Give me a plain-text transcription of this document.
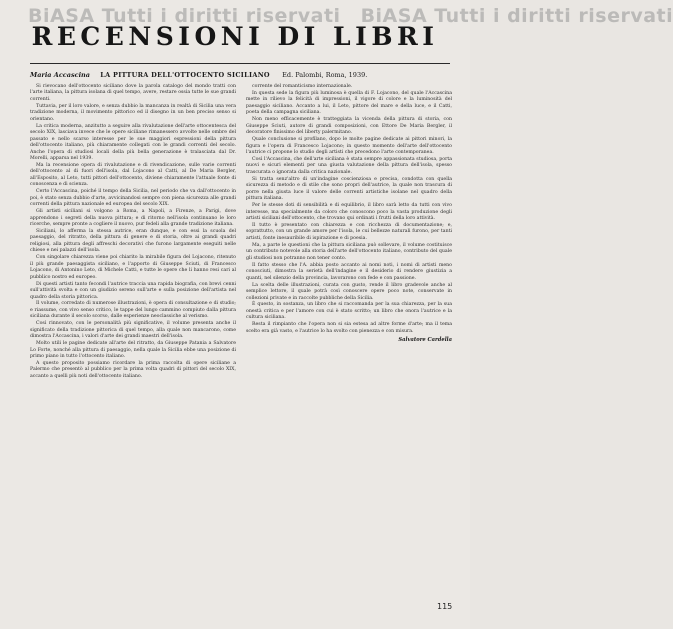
BiASA Tutti i diritti riservati BiASA Tutti i diritti riservati
RECENSIONI DI LIBRI
Maria Accascina LA PITTURA DELL'OTTOCENTO SICILIANO Ed. Palombi, Roma, 1939.

Si rievocano dell'ottocento siciliano dove la parola catalogo del mondo tratti con l'arte italiana, la pittura isolana di quel tempo, avere, restare ossia tutte le sue grandi correnti.

Tuttavia, per il loro valore, e senza dubbio la mancanza in realtà di Sicilia una vera tradizione moderna, il movimento pittorico ed il disegno in un ben preciso senso si orientano.

La critica moderna, anzitutto a seguire alla rivalutazione dell'arte ottocentesca del secolo XIX, lasciava invece che le opere siciliane rimanessero avvolte nelle ombre del passato e nello scarso interesse per le sue maggiori espressioni della pittura dell'ottocento italiano, più chiaramente collegati con le grandi correnti del secolo. Anche l'opera di studiosi locali della più bella generazione è tralasciata dal Dr. Morelli, apparsa nel 1939.

Ma la recensione opera di rivalutazione e di rivendicazione, sulle varie correnti dell'ottocento al di fuori dell'isola, dal Lojacono al Catti, al De Maria Bergler, all'Esposito, al Leto, tutti pittori dell'ottocento, diviene chiaramente l'attuale fonte di conoscenza e di scienza.

Certo l'Accascina, poiché il tempo della Sicilia, nel periodo che va dall'ottocento in poi, è stato senza dubbio d'arte, avvicinandosi sempre con piena sicurezza alle grandi correnti della pittura nazionale ed europea del secolo XIX.

Gli artisti siciliani si volgono a Roma, a Napoli, a Firenze, a Parigi, dove apprendono i segreti della nuova pittura; e di ritorno nell'isola continuano le loro ricerche, sempre pronte a cogliere il nuovo, pur fedeli alla grande tradizione italiana.

Siciliani, lo afferma la stessa autrice, eran dunque, e con essi la scuola del paesaggio, del ritratto, della pittura di genere e di storia, oltre ai grandi quadri religiosi, alla pittura degli affreschi decorativi che furono largamente eseguiti nelle chiese e nei palazzi dell'isola.

Con singolare chiarezza viene poi chiarito la mirabile figura del Lojacono, ritenuto il più grande paesaggista siciliano, e l'apporto di Giuseppe Sciuti, di Francesco Lojacono, di Antonino Leto, di Michele Catti, e tutte le opere che li hanno resi cari al pubblico nostro ed europeo.

Di questi artisti tanto fecondi l'autrice traccia una rapida biografia, con brevi cenni sull'attività svolta e con un giudizio sereno sull'arte e sulla posizione dell'artista nel quadro della storia pittorica.

Il volume, corredato di numerose illustrazioni, è opera di consultazione e di studio; e riassume, con vivo senso critico, le tappe del lungo cammino compiuto dalla pittura siciliana durante il secolo scorso, dalle esperienze neoclassiche al verismo.

Così rinnovato, con le personalità più significative, il volume presenta anche il significato della tradizione pittorica di quel tempo, alla quale non mancarono, come dimostra l'Accascina, i valori d'arte dei grandi maestri dell'isola.

Molto utili le pagine dedicate all'arte del ritratto, da Giuseppe Patania a Salvatore Lo Forte, nonché alla pittura di paesaggio, nella quale la Sicilia ebbe una posizione di primo piano in tutto l'ottocento italiano.

A questo proposito possiamo ricordare la prima raccolta di opere siciliane a Palermo che presentò al pubblico per la prima volta quadri di pittori del secolo XIX, accanto a quelli più noti dell'ottocento italiano.

corrente del romanticismo internazionale.

In questa sede la figura più luminosa è quella di F. Lojacono, del quale l'Accascina mette in rilievo la felicità di impressioni, il vigore di colore e la luminosità del paesaggio siciliano. Accanto a lui, il Leto, pittore del mare e della luce, e il Catti, poeta della campagna siciliana.

Non meno efficacemente è tratteggiata la vicenda della pittura di storia, con Giuseppe Sciuti, autore di grandi composizioni, con Ettore De Maria Bergler, il decoratore finissimo del liberty palermitano.

Quale conclusione si profilano, dopo le molte pagine dedicate ai pittori minori, la figura e l'opera di Francesco Lojacono; in questo momento dell'arte dell'ottocento l'autrice ci propone lo studio degli artisti che precedono l'arte contemporanea.

Così l'Accascina, che dell'arte siciliana è stata sempre appassionata studiosa, porta nuovi e sicuri elementi per una giusta valutazione della pittura dell'isola, spesso trascurata o ignorata dalla critica nazionale.

Si tratta senz'altro di un'indagine coscienziosa e precisa, condotta con quella sicurezza di metodo e di stile che sono propri dell'autrice, la quale non trascura di porre nella giusta luce il valore delle correnti artistiche isolane nel quadro della pittura italiana.

Per le stesse doti di sensibilità e di equilibrio, il libro sarà letto da tutti con vivo interesse, ma specialmente da coloro che conoscono poco la vasta produzione degli artisti siciliani dell'ottocento, che trovano qui ordinati i frutti della loro attività.

Il tutto è presentato con chiarezza e con ricchezza di documentazione; e, soprattutto, con un grande amore per l'isola, le cui bellezze naturali furono, per tanti artisti, fonte inesauribile di ispirazione e di poesia.

Ma, a parte le questioni che la pittura siciliana può sollevare, il volume costituisce un contributo notevole alla storia dell'arte dell'ottocento italiano, contributo del quale gli studiosi non potranno non tener conto.

Il fatto stesso che l'A. abbia posto accanto ai nomi noti, i nomi di artisti meno conosciuti, dimostra la serietà dell'indagine e il desiderio di rendere giustizia a quanti, nel silenzio della provincia, lavorarono con fede e con passione.

La scelta delle illustrazioni, curata con gusto, rende il libro gradevole anche al semplice lettore, il quale potrà così conoscere opere poco note, conservate in collezioni private e in raccolte pubbliche della Sicilia.

È questo, in sostanza, un libro che si raccomanda per la sua chiarezza, per la sua onestà critica e per l'amore con cui è stato scritto; un libro che onora l'autrice e la cultura siciliana.

Resta il rimpianto che l'opera non si sia estesa ad altre forme d'arte; ma il tema scelto era già vasto, e l'autrice lo ha svolto con pienezza e con misura.

Salvatore Cardella
115
